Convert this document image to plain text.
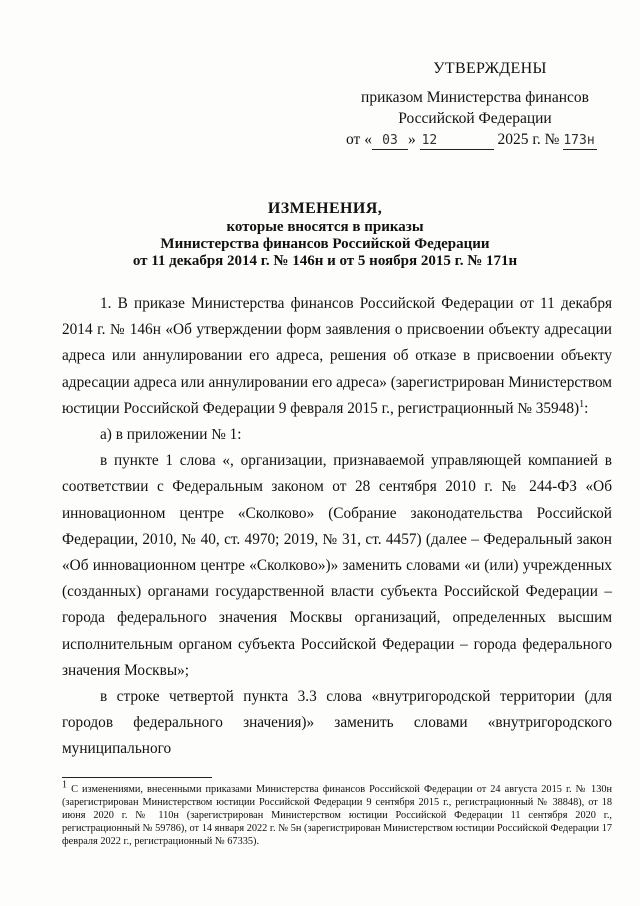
УТВЕРЖДЕНЫ
приказом Министерства финансов
Российской Федерации
от « 03 » 12	2025 г. № 173н
ИЗМЕНЕНИЯ,
которые вносятся в приказы
Министерства финансов Российской Федерации
от 11 декабря 2014 г. № 146н и от 5 ноября 2015 г. № 171н

1. В приказе Министерства финансов Российской Федерации от 11 декабря 2014 г. № 146н «Об утверждении форм заявления о присвоении объекту адресации адреса или аннулировании его адреса, решения об отказе в присвоении объекту адресации адреса или аннулировании его адреса» (зарегистрирован Министерством юстиции Российской Федерации 9 февраля 2015 г., регистрационный № 35948)$^1$:

а) в приложении № 1:

в пункте 1 слова «, организации, признаваемой управляющей компанией в соответствии с Федеральным законом от 28 сентября 2010 г. № 244-ФЗ «Об инновационном центре «Сколково» (Собрание законодательства Российской Федерации, 2010, № 40, ст. 4970; 2019, № 31, ст. 4457) (далее – Федеральный закон «Об инновационном центре «Сколково»)» заменить словами «и (или) учрежденных (созданных) органами государственной власти субъекта Российской Федерации – города федерального значения Москвы организаций, определенных высшим исполнительным органом субъекта Российской Федерации – города федерального значения Москвы»;

в строке четвертой пункта 3.3 слова «внутригородской территории (для городов федерального значения)» заменить словами «внутригородского муниципального

$^1$ С изменениями, внесенными приказами Министерства финансов Российской Федерации от 24 августа 2015 г. № 130н (зарегистрирован Министерством юстиции Российской Федерации 9 сентября 2015 г., регистрационный № 38848), от 18 июня 2020 г. № 110н (зарегистрирован Министерством юстиции Российской Федерации 11 сентября 2020 г., регистрационный № 59786), от 14 января 2022 г. № 5н (зарегистрирован Министерством юстиции Российской Федерации 17 февраля 2022 г., регистрационный № 67335).
